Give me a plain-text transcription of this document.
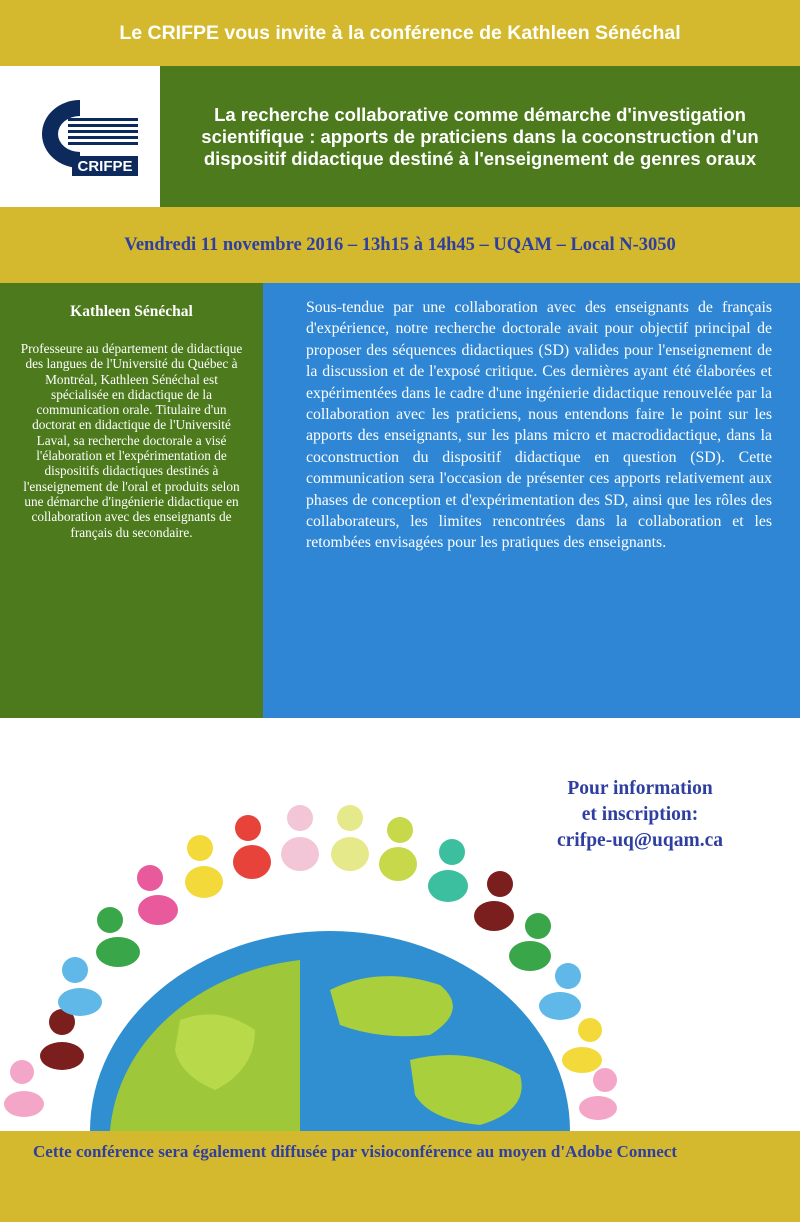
Le CRIFPE vous invite à la conférence de Kathleen Sénéchal
CRIFPE
La recherche collaborative comme démarche d'investigation scientifique : apports de praticiens dans la coconstruction d'un dispositif didactique destiné à l'enseignement de genres oraux
Vendredi 11 novembre 2016 – 13h15 à 14h45 – UQAM – Local N-3050
Kathleen Sénéchal
Professeure au département de didactique des langues de l'Université du Québec à Montréal, Kathleen Sénéchal est spécialisée en didactique de la communication orale. Titulaire d'un doctorat en didactique de l'Université Laval, sa recherche doctorale a visé l'élaboration et l'expérimentation de dispositifs didactiques destinés à l'enseignement de l'oral et produits selon une démarche d'ingénierie didactique en collaboration avec des enseignants de français du secondaire.
Sous-tendue par une collaboration avec des enseignants de français d'expérience, notre recherche doctorale avait pour objectif principal de proposer des séquences didactiques (SD) valides pour l'enseignement de la discussion et de l'exposé critique. Ces dernières ayant été élaborées et expérimentées dans le cadre d'une ingénierie didactique renouvelée par la collaboration avec les praticiens, nous entendons faire le point sur les apports des enseignants, sur les plans micro et macrodidactique, dans la coconstruction du dispositif didactique en question (SD). Cette communication sera l'occasion de présenter ces apports relativement aux phases de conception et d'expérimentation des SD, ainsi que les rôles des collaborateurs, les limites rencontrées dans la collaboration et les retombées envisagées pour les pratiques des enseignants.
Pour information
et inscription:
crifpe-uq@uqam.ca
Cette conférence sera également diffusée par visioconférence au moyen d'Adobe Connect
